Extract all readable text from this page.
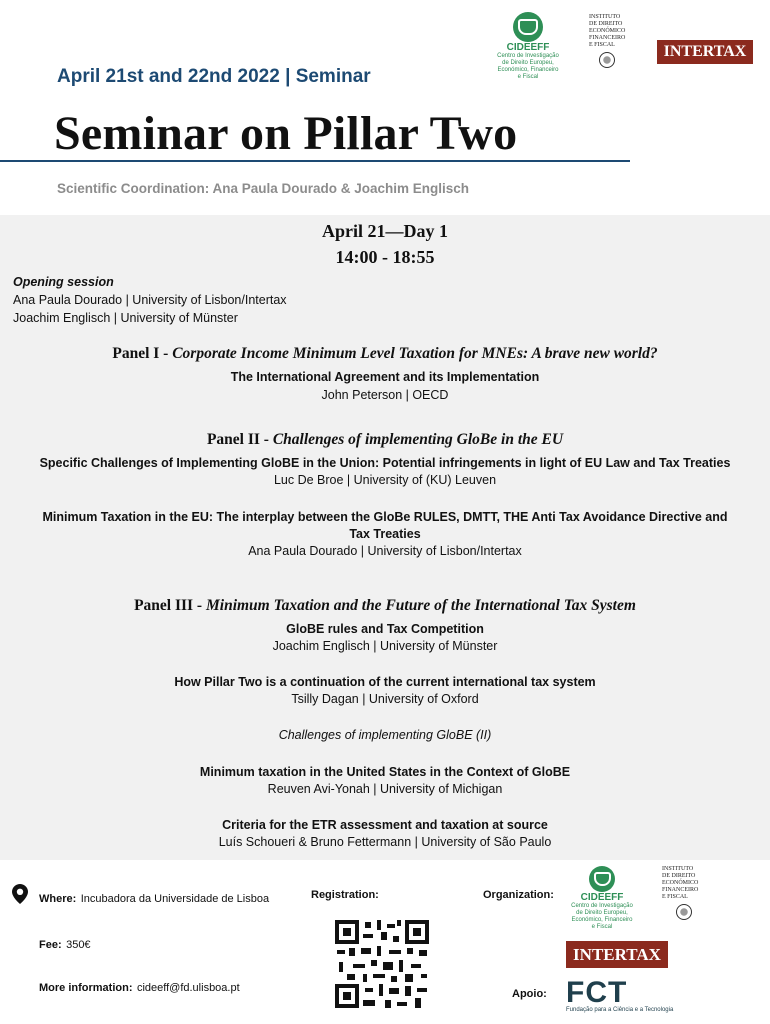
April 21st and 22nd 2022 | Seminar
Seminar on Pillar Two
Scientific Coordination: Ana Paula Dourado & Joachim Englisch
CIDEEFF
Centro de Investigação
de Direito Europeu,
Económico, Financeiro
e Fiscal
INSTITUTO
DE DIREITO
ECONÓMICO
FINANCEIRO
E FISCAL	INTERTAX
April 21—Day 1
14:00 - 18:55
Opening session
Ana Paula Dourado | University of Lisbon/Intertax
Joachim Englisch | University of Münster
Panel I - Corporate Income Minimum Level Taxation for MNEs: A brave new world?
The International Agreement and its Implementation
John Peterson | OECD
Panel II - Challenges of implementing GloBe in the EU
Specific Challenges of Implementing GloBE in the Union: Potential infringements in light of EU Law and Tax Treaties
Luc De Broe | University of (KU) Leuven
Minimum Taxation in the EU: The interplay between the GloBe RULES, DMTT, THE Anti Tax Avoidance Directive and
Tax Treaties
Ana Paula Dourado | University of Lisbon/Intertax
Panel III - Minimum Taxation and the Future of the International Tax System
GloBE rules and Tax Competition
Joachim Englisch | University of Münster
How Pillar Two is a continuation of the current international tax system
Tsilly Dagan | University of Oxford
Challenges of implementing GloBE (II)
Minimum taxation in the United States in the Context of GloBE
Reuven Avi-Yonah | University of Michigan
Criteria for the ETR assessment and taxation at source
Luís Schoueri & Bruno Fettermann | University of São Paulo
Where: Incubadora da Universidade de Lisboa
Fee: 350€
More information: cideeff@fd.ulisboa.pt
Registration:	Organization:	CIDEEFF
Centro de Investigação
de Direito Europeu,
Económico, Financeiro
e Fiscal
INSTITUTO
DE DIREITO
ECONÓMICO
FINANCEIRO
E FISCAL
INTERTAX
Apoio: FCT
Fundação para a Ciência e a Tecnologia
